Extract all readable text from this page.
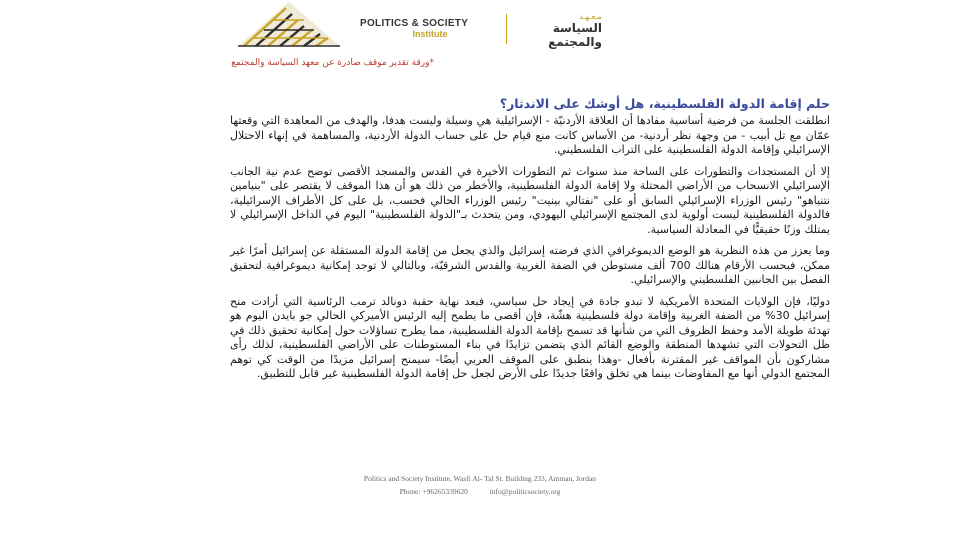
POLITICS & SOCIETY
Institute
مـعـهـد
السياسة والمجتمع
*ورقة تقدير موقف صادرة عن معهد السياسة والمجتمع
حلم إقامة الدولة الفلسطينية، هل أوشك على الاندثار؟

انطلقت الجلسة من فرضية أساسية مفادها أن العلاقة الأردنيّة - الإسرائيلية هي وسيلة وليست هدفا، والهدف من المعاهدة التي وقعتها عمّان مع تل أبيب - من وجهة نظر أردنية- من الأساس كانت منع قيام حل على حساب الدولة الأردنية، والمساهمة في إنهاء الاحتلال الإسرائيلي وإقامة الدولة الفلسطينية على التراب الفلسطيني.

إلا أن المستجدات والتطورات على الساحة منذ سنوات ثم التطورات الأخيرة في القدس والمسجد الأقصى توضح عدم نية الجانب الإسرائيلي الانسحاب من الأراضي المحتلة ولا إقامة الدولة الفلسطينية، والأخطر من ذلك هو أن هذا الموقف لا يقتصر على "بنيامين نتنياهو" رئيس الوزراء الإسرائيلي السابق أو على "نفتالي بينيت" رئيس الوزراء الحالي فحسب، بل على كل الأطراف الإسرائيلية، فالدولة الفلسطينية ليست أولوية لدى المجتمع الإسرائيلي اليهودي، ومن يتحدث بـ"الدولة الفلسطينية" اليوم في الداخل الإسرائيلي لا يمتلك وزنًا حقيقيًّا في المعادلة السياسية.

وما يعزز من هذه النظرية هو الوضع الديموغرافي الذي فرضته إسرائيل والذي يجعل من إقامة الدولة المستقلة عن إسرائيل أمرًا غير ممكن، فبحسب الأرقام هنالك 700 ألف مستوطن في الضفة الغربية والقدس الشرقيّة، وبالتالي لا توجد إمكانية ديموغرافية لتحقيق الفصل بين الجانبين الفلسطيني والإسرائيلي.

دوليًا، فإن الولايات المتحدة الأمريكية لا تبدو جادة في إيجاد حل سياسي، فبعد نهاية حقبة دونالد ترمب الرئاسية التي أرادت منح إسرائيل 30% من الضفة الغربية وإقامة دولة فلسطينية هشّة، فإن أقصى ما يطمح إليه الرئيس الأميركي الحالي جو بايدن اليوم هو تهدئة طويلة الأمد وحفظ الظروف التي من شأنها قد تسمح بإقامة الدولة الفلسطينية، مما يطرح تساؤلات حول إمكانية تحقيق ذلك في ظل التحولات التي تشهدها المنطقة والوضع القائم الذي يتضمن تزايدًا في بناء المستوطنات على الأراضي الفلسطينية، لذلك رأى مشاركون بأن المواقف غير المقترنة بأفعال -وهذا ينطبق على الموقف العربي أيضًا- سيمنح إسرائيل مزيدًا من الوقت كي توهم المجتمع الدولي أنها مع المفاوضات بينما هي تخلق واقعًا جديدًا على الأرض لجعل حل إقامة الدولة الفلسطينية غير قابل للتطبيق.

Politics and Society Institute, Wasfi Al- Tal St. Building 233, Amman, Jordan
Phone: +96265339620	info@politicsociety.org
